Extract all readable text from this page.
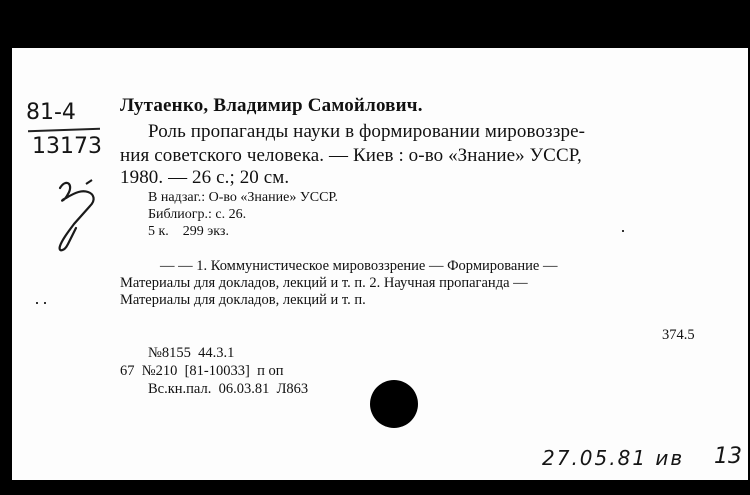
81-4
13173
Лутаенко, Владимир Самойлович.
Роль пропаганды науки в формировании мировоззре-
ния советского человека. — Киев : о-во «Знание» УССР,
1980. — 26 с.; 20 см.
В надзаг.: О-во «Знание» УССР.
Библиогр.: с. 26.
5 к.    299 экз.
— — 1. Коммунистическое мировоззрение — Формирование —
Материалы для докладов, лекций и т. п. 2. Научная пропаганда —
Материалы для докладов, лекций и т. п.
374.5
№8155  44.3.1
67  №210  [81-10033]  п оп
Вс.кн.пал.  06.03.81  Л863
27.05.81 ив 13
